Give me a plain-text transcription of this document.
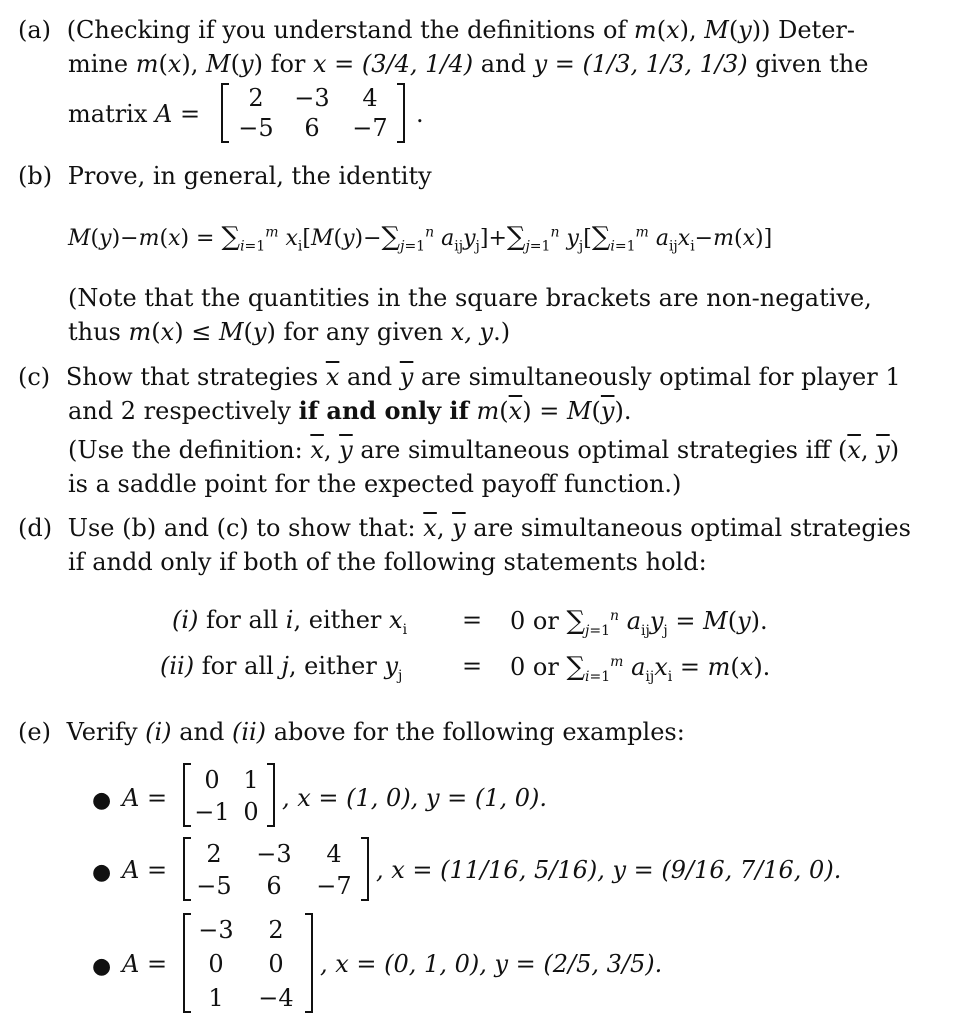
(a) (Checking if you understand the definitions of m(x), M(y)) Deter-
mine m(x), M(y) for x = (3/4, 1/4) and y = (1/3, 1/3, 1/3) given the
matrix A =
2	−3	4
−5	6	−7 .
(b) Prove, in general, the identity
$M(y)-m(x) = \sum_{i=1}^m$ $x_i[M(y)-\sum_{j=1}^n$ $a_{ij}y_j]+\sum_{j=1}^n$ $y_j[\sum_{i=1}^m$ $a_{ij}x_i-m(x)$]
(Note that the quantities in the square brackets are non-negative,
thus m(x) ≤ M(y) for any given x, y.)
(c) Show that strategies $\overline{x}$ and $\overline{y}$ are simultaneously optimal for player 1
and 2 respectively if and only if $m(\overline{x}) = M(\overline{y})$.
(Use the definition: $\overline{x}$, $\overline{y}$ are simultaneous optimal strategies iff ($\overline{x}$, $\overline{y}$)
is a saddle point for the expected payoff function.)
(d) Use (b) and (c) to show that: $\overline{x}$, $\overline{y}$ are simultaneous optimal strategies
if andd only if both of the following statements hold:
(i) for all i, either $x_i = 0$ or $\sum_{j=1}^n$ $a_{ij}y_j = M(y)$.
(ii) for all j, either $y_j = 0$ or $\sum_{i=1}^m$ $a_{ij}x_i = m(x)$.
(e) Verify (i) and (ii) above for the following examples:
● A =
0 1
−1 0 , x = (1, 0), y = (1, 0).
● A =
2	−3	4
−5	6	−7
, x = (11/16, 5/16), y = (9/16, 7/16, 0).
● A =
−3	2
0	0
1	−4
, x = (0, 1, 0), y = (2/5, 3/5).
